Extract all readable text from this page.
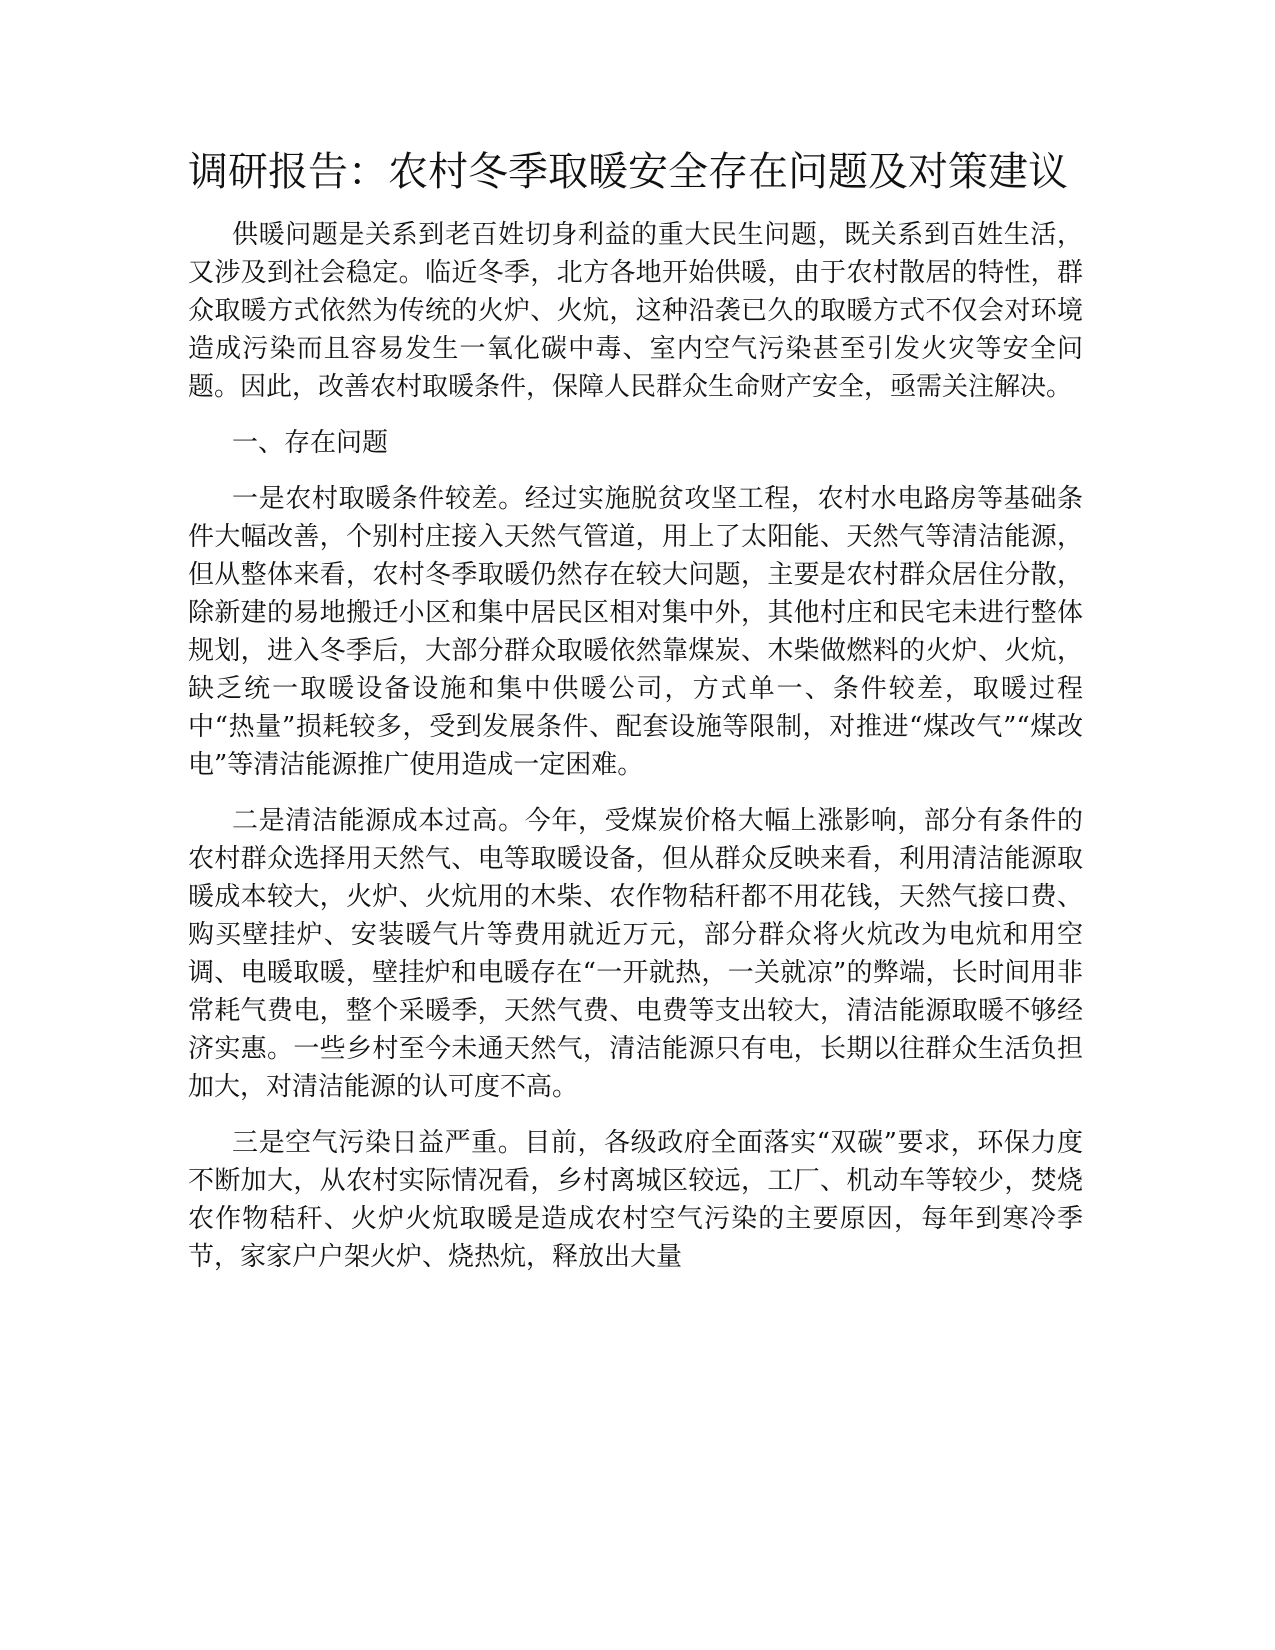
调研报告：农村冬季取暖安全存在问题及对策建议

供暖问题是关系到老百姓切身利益的重大民生问题，既关系到百姓生活，又涉及到社会稳定。临近冬季，北方各地开始供暖，由于农村散居的特性，群众取暖方式依然为传统的火炉、火炕，这种沿袭已久的取暖方式不仅会对环境造成污染而且容易发生一氧化碳中毒、室内空气污染甚至引发火灾等安全问题。因此，改善农村取暖条件，保障人民群众生命财产安全，亟需关注解决。

一、存在问题

一是农村取暖条件较差。经过实施脱贫攻坚工程，农村水电路房等基础条件大幅改善，个别村庄接入天然气管道，用上了太阳能、天然气等清洁能源，但从整体来看，农村冬季取暖仍然存在较大问题，主要是农村群众居住分散，除新建的易地搬迁小区和集中居民区相对集中外，其他村庄和民宅未进行整体规划，进入冬季后，大部分群众取暖依然靠煤炭、木柴做燃料的火炉、火炕，缺乏统一取暖设备设施和集中供暖公司，方式单一、条件较差，取暖过程中“热量”损耗较多，受到发展条件、配套设施等限制，对推进“煤改气”“煤改电”等清洁能源推广使用造成一定困难。

二是清洁能源成本过高。今年，受煤炭价格大幅上涨影响，部分有条件的农村群众选择用天然气、电等取暖设备，但从群众反映来看，利用清洁能源取暖成本较大，火炉、火炕用的木柴、农作物秸秆都不用花钱，天然气接口费、购买壁挂炉、安装暖气片等费用就近万元，部分群众将火炕改为电炕和用空调、电暖取暖，壁挂炉和电暖存在“一开就热，一关就凉”的弊端，长时间用非常耗气费电，整个采暖季，天然气费、电费等支出较大，清洁能源取暖不够经济实惠。一些乡村至今未通天然气，清洁能源只有电，长期以往群众生活负担加大，对清洁能源的认可度不高。

三是空气污染日益严重。目前，各级政府全面落实“双碳”要求，环保力度不断加大，从农村实际情况看，乡村离城区较远，工厂、机动车等较少，焚烧农作物秸秆、火炉火炕取暖是造成农村空气污染的主要原因，每年到寒冷季节，家家户户架火炉、烧热炕，释放出大量
